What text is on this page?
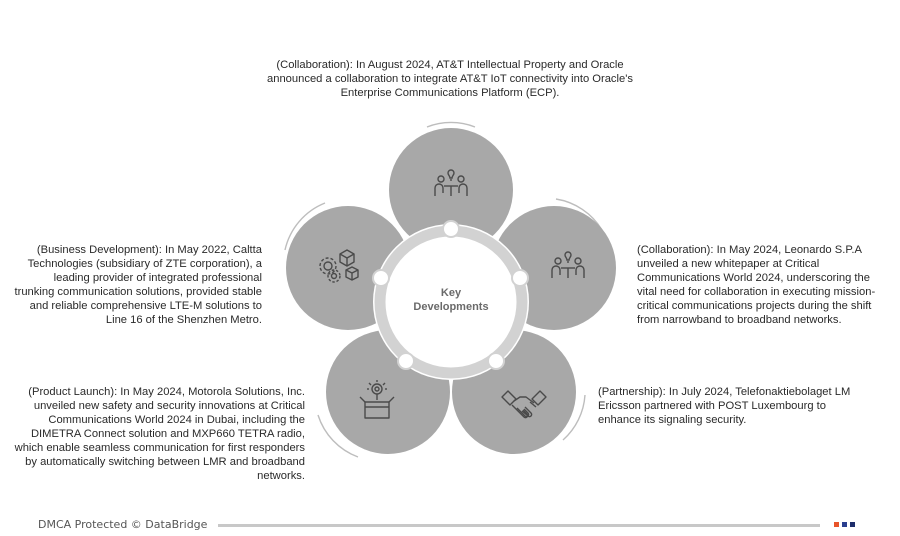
(Collaboration): In August 2024, AT&T Intellectual Property and Oracle announced a collaboration to integrate AT&T IoT connectivity into Oracle's Enterprise Communications Platform (ECP).
(Collaboration): In May 2024, Leonardo S.P.A unveiled a new whitepaper at Critical Communications World 2024, underscoring the vital need for collaboration in executing mission-critical communications projects during the shift from narrowband to broadband networks.
(Partnership): In July 2024, Telefonaktiebolaget LM Ericsson partnered with POST Luxembourg to enhance its signaling security.
(Product Launch): In May 2024, Motorola Solutions, Inc. unveiled new safety and security innovations at Critical Communications World 2024 in Dubai, including the DIMETRA Connect solution and MXP660 TETRA radio, which enable seamless communication for first responders by automatically switching between LMR and broadband networks.
(Business Development): In May 2022, Caltta Technologies (subsidiary of ZTE corporation), a leading provider of integrated professional trunking communication solutions, provided stable and reliable comprehensive LTE-M solutions to Line 16 of the Shenzhen Metro.
Key
Developments
DMCA Protected © DataBridge
